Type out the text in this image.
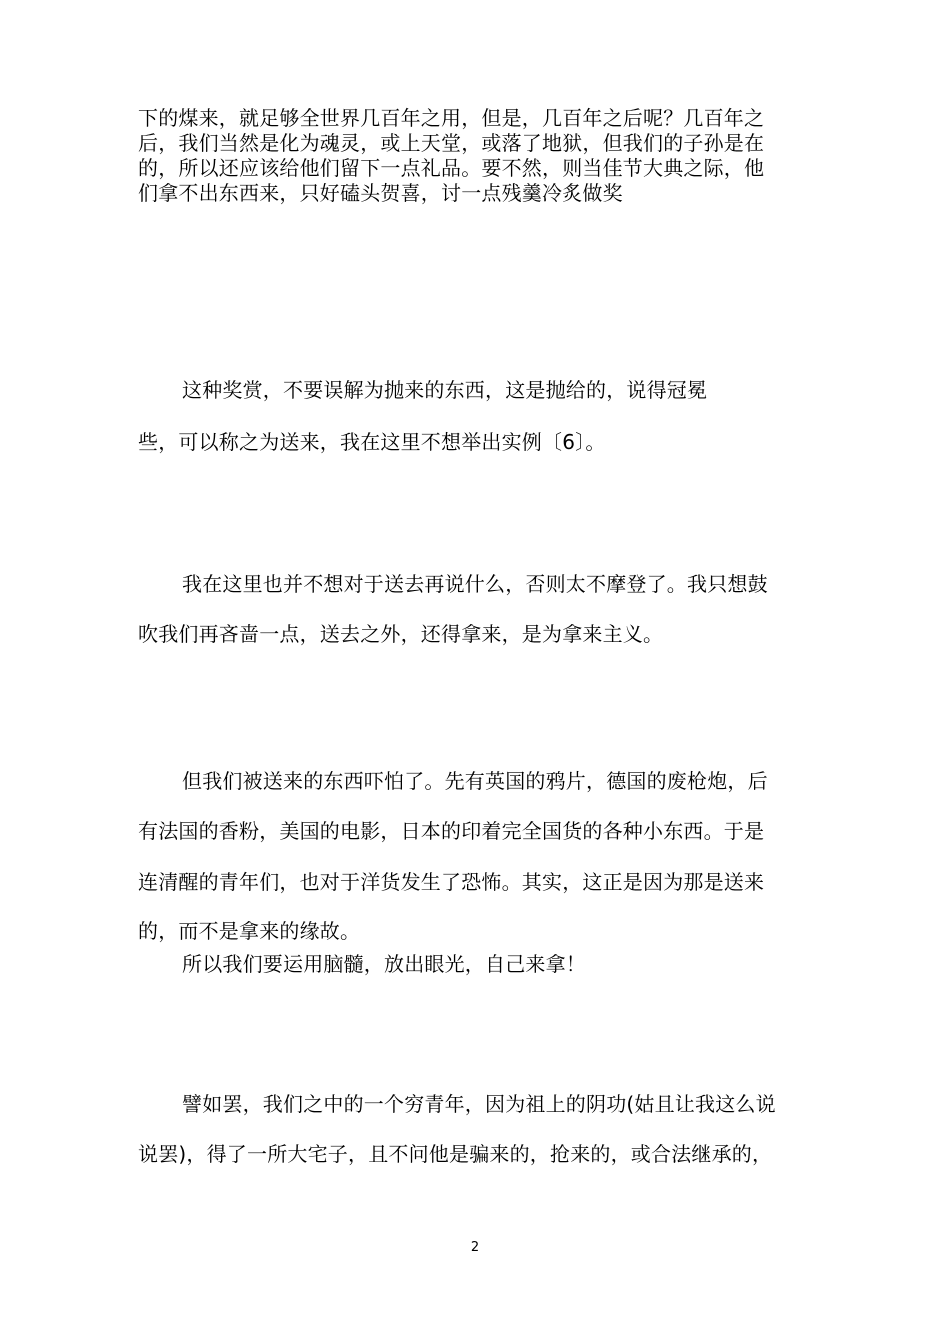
下的煤来，就足够全世界几百年之用，但是，几百年之后呢？几百年之
后，我们当然是化为魂灵，或上天堂，或落了地狱，但我们的子孙是在
的，所以还应该给他们留下一点礼品。要不然，则当佳节大典之际，他
们拿不出东西来，只好磕头贺喜，讨一点残羹冷炙做奖
这种奖赏，不要误解为抛来的东西，这是抛给的，说得冠冕
些，可以称之为送来，我在这里不想举出实例〔6〕。
我在这里也并不想对于送去再说什么，否则太不摩登了。我只想鼓
吹我们再吝啬一点，送去之外，还得拿来，是为拿来主义。
但我们被送来的东西吓怕了。先有英国的鸦片，德国的废枪炮，后
有法国的香粉，美国的电影，日本的印着完全国货的各种小东西。于是
连清醒的青年们，也对于洋货发生了恐怖。其实，这正是因为那是送来
的，而不是拿来的缘故。
所以我们要运用脑髓，放出眼光，自己来拿！
譬如罢，我们之中的一个穷青年，因为祖上的阴功(姑且让我这么说
说罢)，得了一所大宅子，且不问他是骗来的，抢来的，或合法继承的，
2
